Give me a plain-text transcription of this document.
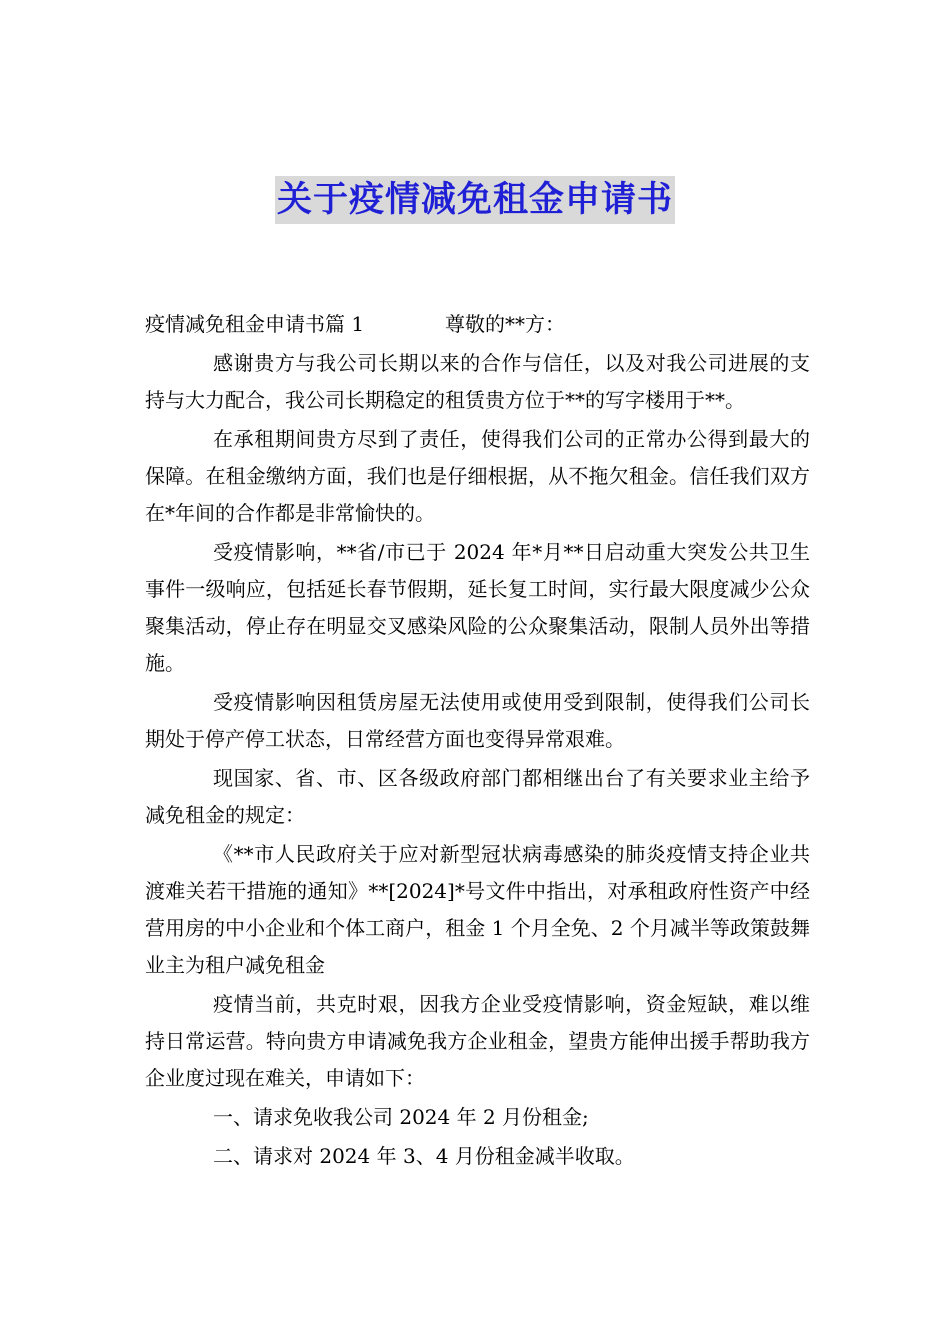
关于疫情减免租金申请书

疫情减免租金申请书篇 1	尊敬的**方：

感谢贵方与我公司长期以来的合作与信任，以及对我公司进展的支持与大力配合，我公司长期稳定的租赁贵方位于**的写字楼用于**。

在承租期间贵方尽到了责任，使得我们公司的正常办公得到最大的保障。在租金缴纳方面，我们也是仔细根据，从不拖欠租金。信任我们双方在*年间的合作都是非常愉快的。

受疫情影响，**省/市已于 2024 年*月**日启动重大突发公共卫生事件一级响应，包括延长春节假期，延长复工时间，实行最大限度减少公众聚集活动，停止存在明显交叉感染风险的公众聚集活动，限制人员外出等措施。

受疫情影响因租赁房屋无法使用或使用受到限制，使得我们公司长期处于停产停工状态，日常经营方面也变得异常艰难。

现国家、省、市、区各级政府部门都相继出台了有关要求业主给予减免租金的规定：

《**市人民政府关于应对新型冠状病毒感染的肺炎疫情支持企业共渡难关若干措施的通知》**[2024]*号文件中指出，对承租政府性资产中经营用房的中小企业和个体工商户，租金 1 个月全免、2 个月减半等政策鼓舞业主为租户减免租金

疫情当前，共克时艰，因我方企业受疫情影响，资金短缺，难以维持日常运营。特向贵方申请减免我方企业租金，望贵方能伸出援手帮助我方企业度过现在难关，申请如下：

一、请求免收我公司 2024 年 2 月份租金;

二、请求对 2024 年 3、4 月份租金减半收取。
